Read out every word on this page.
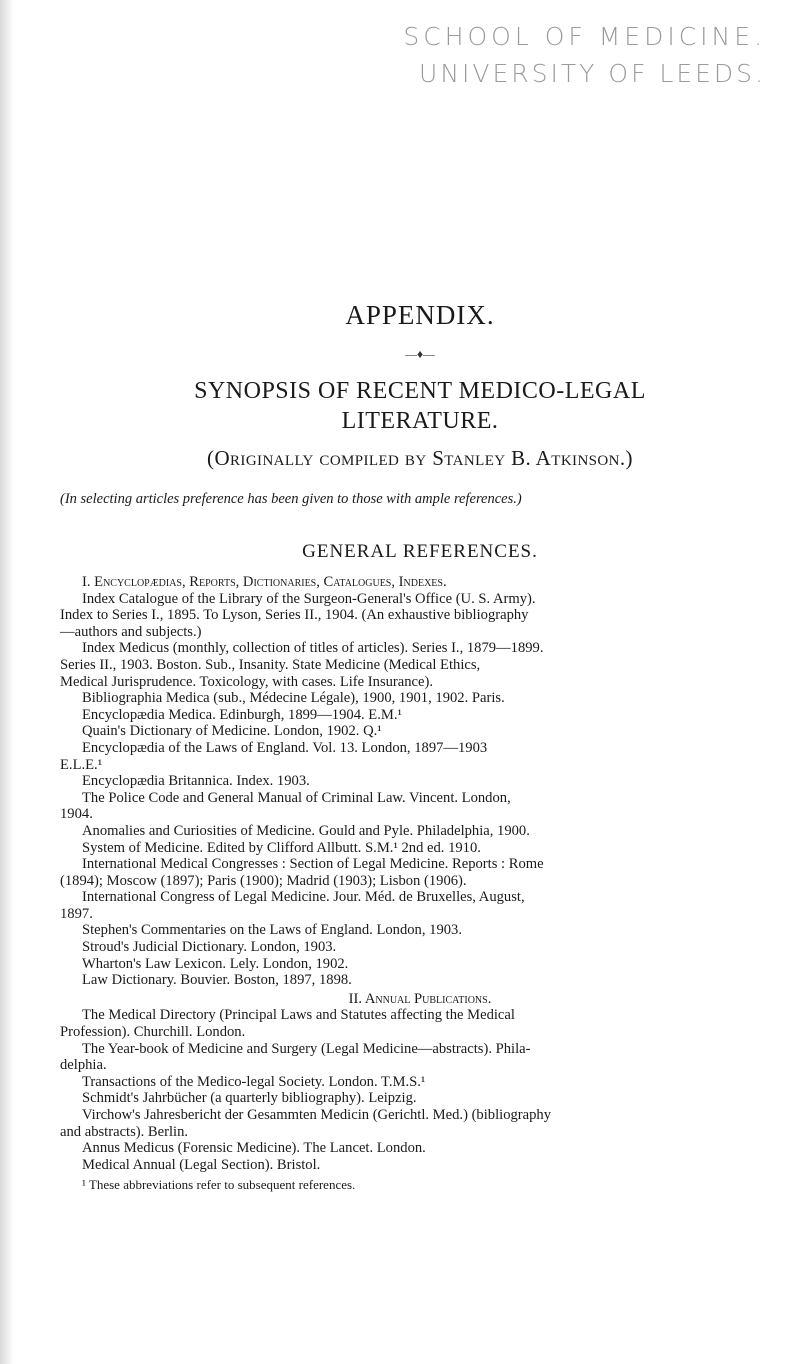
SCHOOL OF MEDICINE.
UNIVERSITY OF LEEDS.
APPENDIX.
—♦—
SYNOPSIS OF RECENT MEDICO-LEGAL
LITERATURE.
(Originally compiled by Stanley B. Atkinson.)
(In selecting articles preference has been given to those with ample references.)
GENERAL REFERENCES.

I. Encyclopædias, Reports, Dictionaries, Catalogues, Indexes.

Index Catalogue of the Library of the Surgeon-General's Office (U. S. Army).

Index to Series I., 1895. To Lyson, Series II., 1904. (An exhaustive bibliography

—authors and subjects.)

Index Medicus (monthly, collection of titles of articles). Series I., 1879—1899.

Series II., 1903. Boston. Sub., Insanity. State Medicine (Medical Ethics,

Medical Jurisprudence. Toxicology, with cases. Life Insurance).

Bibliographia Medica (sub., Médecine Légale), 1900, 1901, 1902. Paris.

Encyclopædia Medica. Edinburgh, 1899—1904. E.M.¹

Quain's Dictionary of Medicine. London, 1902. Q.¹

Encyclopædia of the Laws of England. Vol. 13. London, 1897—1903

E.L.E.¹

Encyclopædia Britannica. Index. 1903.

The Police Code and General Manual of Criminal Law. Vincent. London,

1904.

Anomalies and Curiosities of Medicine. Gould and Pyle. Philadelphia, 1900.

System of Medicine. Edited by Clifford Allbutt. S.M.¹ 2nd ed. 1910.

International Medical Congresses : Section of Legal Medicine. Reports : Rome

(1894); Moscow (1897); Paris (1900); Madrid (1903); Lisbon (1906).

International Congress of Legal Medicine. Jour. Méd. de Bruxelles, August,

1897.

Stephen's Commentaries on the Laws of England. London, 1903.

Stroud's Judicial Dictionary. London, 1903.

Wharton's Law Lexicon. Lely. London, 1902.

Law Dictionary. Bouvier. Boston, 1897, 1898.

II. Annual Publications.

The Medical Directory (Principal Laws and Statutes affecting the Medical

Profession). Churchill. London.

The Year-book of Medicine and Surgery (Legal Medicine—abstracts). Phila-

delphia.

Transactions of the Medico-legal Society. London. T.M.S.¹

Schmidt's Jahrbücher (a quarterly bibliography). Leipzig.

Virchow's Jahresbericht der Gesammten Medicin (Gerichtl. Med.) (bibliography

and abstracts). Berlin.

Annus Medicus (Forensic Medicine). The Lancet. London.

Medical Annual (Legal Section). Bristol.

¹ These abbreviations refer to subsequent references.
